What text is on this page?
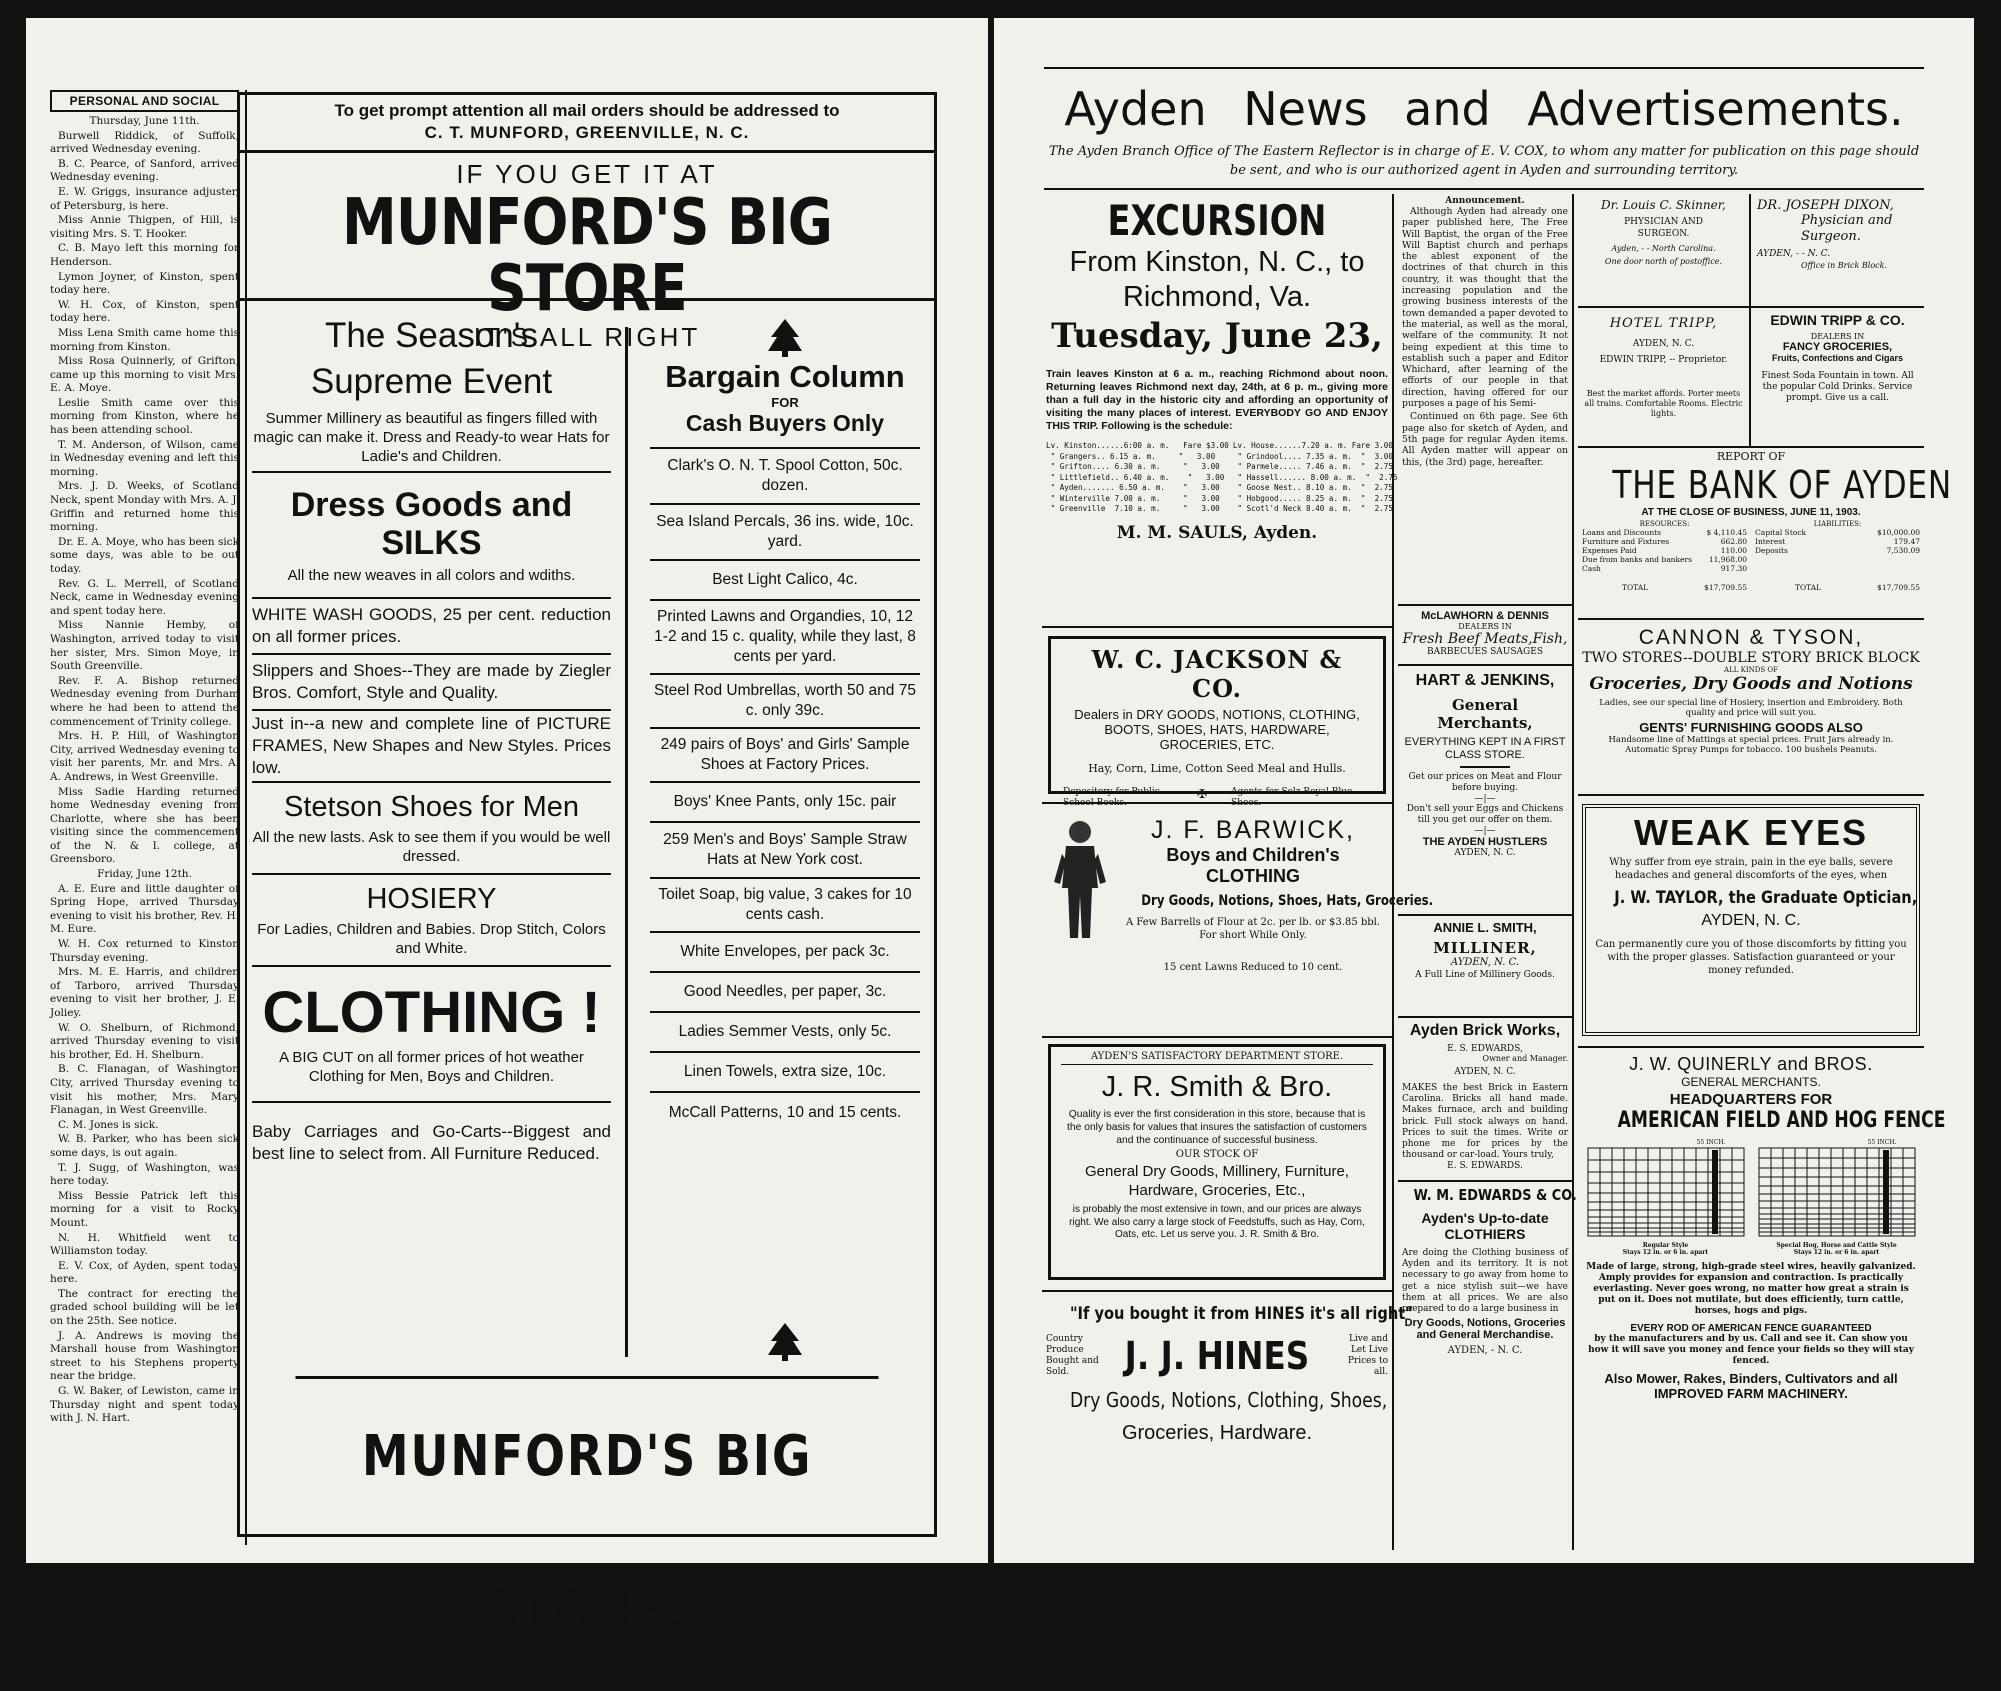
PERSONAL AND SOCIAL

Thursday, June 11th.

Burwell Riddick, of Suffolk, arrived Wednesday evening.

B. C. Pearce, of Sanford, arrived Wednesday evening.

E. W. Griggs, insurance adjuster, of Petersburg, is here.

Miss Annie Thigpen, of Hill, is visiting Mrs. S. T. Hooker.

C. B. Mayo left this morning for Henderson.

Lymon Joyner, of Kinston, spent today here.

W. H. Cox, of Kinston, spent today here.

Miss Lena Smith came home this morning from Kinston.

Miss Rosa Quinnerly, of Grifton, came up this morning to visit Mrs. E. A. Moye.

Leslie Smith came over this morning from Kinston, where he has been attending school.

T. M. Anderson, of Wilson, came in Wednesday evening and left this morning.

Mrs. J. D. Weeks, of Scotland Neck, spent Monday with Mrs. A. J. Griffin and returned home this morning.

Dr. E. A. Moye, who has been sick some days, was able to be out today.

Rev. G. L. Merrell, of Scotland Neck, came in Wednesday evening and spent today here.

Miss Nannie Hemby, of Washington, arrived today to visit her sister, Mrs. Simon Moye, in South Greenville.

Rev. F. A. Bishop returned Wednesday evening from Durham where he had been to attend the commencement of Trinity college.

Mrs. H. P. Hill, of Washington City, arrived Wednesday evening to visit her parents, Mr. and Mrs. A. A. Andrews, in West Greenville.

Miss Sadie Harding returned home Wednesday evening from Charlotte, where she has been visiting since the commencement of the N. & I. college, at Greensboro.

Friday, June 12th.

A. E. Eure and little daughter of Spring Hope, arrived Thursday evening to visit his brother, Rev. H. M. Eure.

W. H. Cox returned to Kinston Thursday evening.

Mrs. M. E. Harris, and children of Tarboro, arrived Thursday evening to visit her brother, J. E. Joliey.

W. O. Shelburn, of Richmond, arrived Thursday evening to visit his brother, Ed. H. Shelburn.

B. C. Flanagan, of Washington City, arrived Thursday evening to visit his mother, Mrs. Mary Flanagan, in West Greenville.

C. M. Jones is sick.

W. B. Parker, who has been sick some days, is out again.

T. J. Sugg, of Washington, was here today.

Miss Bessie Patrick left this morning for a visit to Rocky Mount.

N. H. Whitfield went to Williamston today.

E. V. Cox, of Ayden, spent today here.

The contract for erecting the graded school building will be let on the 25th. See notice.

J. A. Andrews is moving the Marshall house from Washington street to his Stephens property near the bridge.

G. W. Baker, of Lewiston, came in Thursday night and spent today with J. N. Hart.

To get prompt attention all mail orders should be addressed to
C. T. MUNFORD, GREENVILLE, N. C.
IF YOU GET IT AT
MUNFORD'S BIG STORE
IT'S ALL RIGHT
The Season's Supreme Event
Summer Millinery as beautiful as fingers filled with magic can make it. Dress and Ready-to wear Hats for Ladie's and Children.
Dress Goods and SILKS
All the new weaves in all colors and wdiths.
WHITE WASH GOODS, 25 per cent. reduction on all former prices.
Slippers and Shoes--They are made by Ziegler Bros. Comfort, Style and Quality.
Just in--a new and complete line of PICTURE FRAMES, New Shapes and New Styles. Prices low.
Stetson Shoes for Men
All the new lasts. Ask to see them if you would be well dressed.
HOSIERY
For Ladies, Children and Babies. Drop Stitch, Colors and White.
CLOTHING !
A BIG CUT on all former prices of hot weather Clothing for Men, Boys and Children.
Baby Carriages and Go-Carts--Biggest and best line to select from. All Furniture Reduced.
Bargain Column
FOR
Cash Buyers Only
Clark's O. N. T. Spool Cotton, 50c. dozen.
Sea Island Percals, 36 ins. wide, 10c. yard.
Best Light Calico, 4c.
Printed Lawns and Organdies, 10, 12 1-2 and 15 c. quality, while they last, 8 cents per yard.
Steel Rod Umbrellas, worth 50 and 75 c. only 39c.
249 pairs of Boys' and Girls' Sample Shoes at Factory Prices.
Boys' Knee Pants, only 15c. pair
259 Men's and Boys' Sample Straw Hats at New York cost.
Toilet Soap, big value, 3 cakes for 10 cents cash.
White Envelopes, per pack 3c.
Good Needles, per paper, 3c.
Ladies Semmer Vests, only 5c.
Linen Towels, extra size, 10c.
McCall Patterns, 10 and 15 cents.
MUNFORD'S BIG STORE.
Ayden News and Advertisements.
The Ayden Branch Office of The Eastern Reflector is in charge of E. V. COX, to whom any matter for publication on this page should be sent, and who is our authorized agent in Ayden and surrounding territory.
EXCURSION
From Kinston, N. C., to
Richmond, Va.
Tuesday, June 23,
Train leaves Kinston at 6 a. m., reaching Richmond about noon. Returning leaves Richmond next day, 24th, at 6 p. m., giving more than a full day in the historic city and affording an opportunity of visiting the many places of interest. EVERYBODY GO AND ENJOY THIS TRIP. Following is the schedule:
Lv. Kinston......6:00 a. m.   Fare $3.00
" Grangers.. 6.15 a. m.     "   3.00
" Grifton.... 6.30 a. m.     "   3.00
" Littlefield.. 6.40 a. m.    "   3.00
" Ayden....... 6.50 a. m.    "   3.00
" Winterville 7.00 a. m.     "   3.00
" Greenville  7.10 a. m.     "   3.00
Lv. House......7.20 a. m. Fare 3.00
" Grindool.... 7.35 a. m.  "  3.00
" Parmele..... 7.46 a. m.  "  2.75
" Hassell...... 8.00 a. m.  "  2.75
" Goose Nest.. 8.10 a. m.  "  2.75
" Hobgood..... 8.25 a. m.  "  2.75
" Scotl'd Neck 8.40 a. m.  "  2.75
M. M. SAULS, Ayden.
W. C. JACKSON & CO.
Dealers in DRY GOODS, NOTIONS, CLOTHING, BOOTS, SHOES, HATS, HARDWARE, GROCERIES, ETC.
Hay, Corn, Lime, Cotton Seed Meal and Hulls.
Depository for Public School Books.
✠	Agents for Selz Royal Blue Shoes.
J. F. BARWICK,
Boys and Children's
CLOTHING
Dry Goods, Notions, Shoes, Hats, Groceries.
A Few Barrells of Flour at 2c. per lb. or $3.85 bbl. For short While Only.
15 cent Lawns Reduced to 10 cent.
AYDEN'S SATISFACTORY DEPARTMENT STORE.
J. R. Smith & Bro.
Quality is ever the first consideration in this store, because that is the only basis for values that insures the satisfaction of customers and the continuance of successful business.
OUR STOCK OF
General Dry Goods, Millinery, Furniture, Hardware, Groceries, Etc.,
is probably the most extensive in town, and our prices are always right. We also carry a large stock of Feedstuffs, such as Hay, Corn, Oats, etc. Let us serve you. J. R. Smith & Bro.
"If you bought it from HINES it's all right"
Country Produce Bought and Sold.	J. J. HINES	Live and Let Live Prices to all.
Dry Goods, Notions, Clothing, Shoes,
Groceries, Hardware.
Announcement.
Although Ayden had already one paper published here, The Free Will Baptist, the organ of the Free Will Baptist church and perhaps the ablest exponent of the doctrines of that church in this country, it was thought that the increasing population and the growing business interests of the town demanded a paper devoted to the material, as well as the moral, welfare of the community. It not being expedient at this time to establish such a paper and Editor Whichard, after learning of the efforts of our people in that direction, having offered for our purposes a page of his Semi-
Continued on 6th page. See 6th page also for sketch of Ayden, and 5th page for regular Ayden items. All Ayden matter will appear on this, (the 3rd) page, hereafter.
McLAWHORN & DENNIS
DEALERS IN
Fresh Beef Meats,Fish,
BARBECUES SAUSAGES
HART & JENKINS,
General
Merchants,
EVERYTHING KEPT IN A FIRST CLASS STORE.
Get our prices on Meat and Flour before buying.
—|—
Don't sell your Eggs and Chickens till you get our offer on them.
—|—
THE AYDEN HUSTLERS
AYDEN, N. C.
ANNIE L. SMITH,
MILLINER,
AYDEN, N. C.
A Full Line of Millinery Goods.
Ayden Brick Works,
E. S. EDWARDS,
Owner and Manager.
AYDEN, N. C.
MAKES the best Brick in Eastern Carolina. Bricks all hand made. Makes furnace, arch and building brick. Full stock always on hand. Prices to suit the times. Write or phone me for prices by the thousand or car-load. Yours truly,
E. S. EDWARDS.
W. M. EDWARDS & CO.
Ayden's Up-to-date
CLOTHIERS
Are doing the Clothing business of Ayden and its territory. It is not necessary to go away from home to get a nice stylish suit—we have them at all prices. We are also prepared to do a large business in
Dry Goods, Notions, Groceries and General Merchandise.
AYDEN, - N. C.
Dr. Louis C. Skinner,
PHYSICIAN AND SURGEON.
Ayden, - - North Carolina.
One door north of postoffice.
DR. JOSEPH DIXON,
Physician and Surgeon.
AYDEN, - - N. C.
Office in Brick Block.
HOTEL TRIPP,
AYDEN, N. C.
EDWIN TRIPP, -- Proprietor.
Best the market affords. Porter meets all trains. Comfortable Rooms. Electric lights.
EDWIN TRIPP & CO.
DEALERS IN
FANCY GROCERIES,
Fruits, Confections and Cigars
Finest Soda Fountain in town. All the popular Cold Drinks. Service prompt. Give us a call.
REPORT OF
THE BANK OF AYDEN
AT THE CLOSE OF BUSINESS, JUNE 11, 1903.
RESOURCES:
Loans and Discounts	$ 4,110.45
Furniture and Fixtures	662.80
Expenses Paid	110.00
Due from banks and bankers 11,968.00
Cash	917.30
LIABILITIES:
Capital Stock	$10,000.00
Interest	179.47
Deposits	7,530.09
TOTAL	$17,709.55	TOTAL	$17,709.55
CANNON & TYSON,
TWO STORES--DOUBLE STORY BRICK BLOCK
ALL KINDS OF
Groceries, Dry Goods and Notions
Ladies, see our special line of Hosiery, insertion and Embroidery. Both quality and price will suit you.
GENTS' FURNISHING GOODS ALSO
Handsome line of Mattings at special prices. Fruit Jars already in. Automatic Spray Pumps for tobacco. 100 bushels Peanuts.
WEAK EYES
Why suffer from eye strain, pain in the eye balls, severe headaches and general discomforts of the eyes, when
J. W. TAYLOR, the Graduate Optician,
AYDEN, N. C.
Can permanently cure you of those discomforts by fitting you with the proper glasses. Satisfaction guaranteed or your money refunded.
J. W. QUINERLY and BROS.
GENERAL MERCHANTS.
HEADQUARTERS FOR
AMERICAN FIELD AND HOG FENCE
55 INCH.
Regular Style
Stays 12 in. or 6 in. apart
55 INCH.
Special Hog, Horse and Cattle Style
Stays 12 in. or 6 in. apart
Made of large, strong, high-grade steel wires, heavily galvanized. Amply provides for expansion and contraction. Is practically everlasting. Never goes wrong, no matter how great a strain is put on it. Does not mutilate, but does efficiently, turn cattle, horses, hogs and pigs.
EVERY ROD OF AMERICAN FENCE GUARANTEED
by the manufacturers and by us. Call and see it. Can show you how it will save you money and fence your fields so they will stay fenced.
Also Mower, Rakes, Binders, Cultivators and all
IMPROVED FARM MACHINERY.
